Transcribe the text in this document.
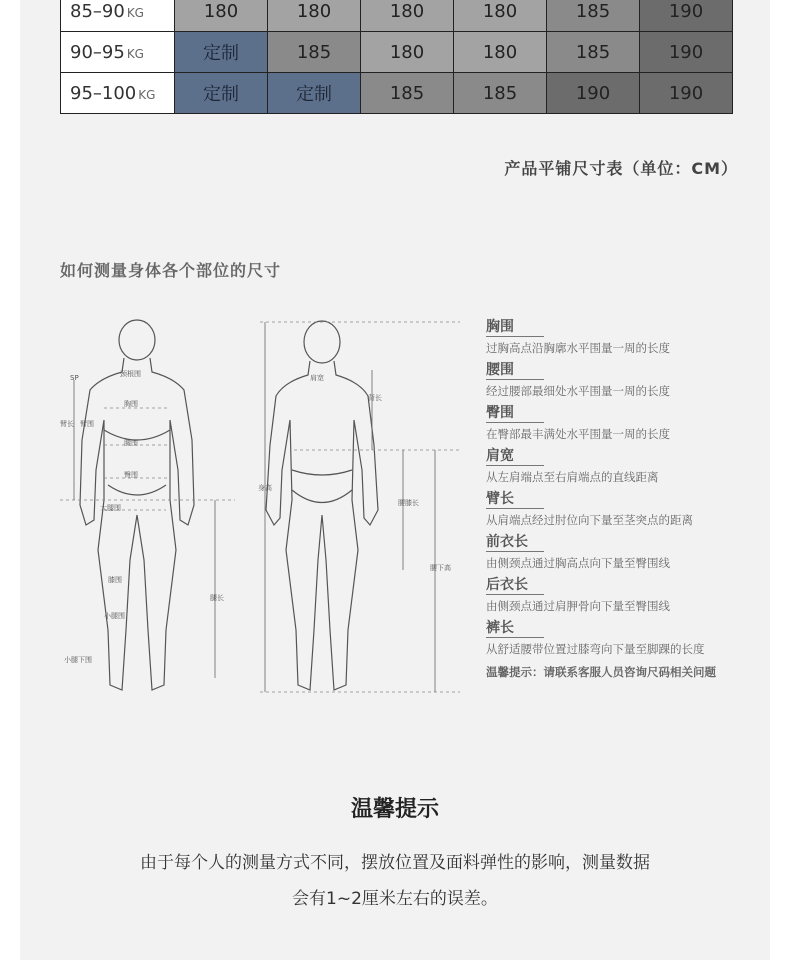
85–90 KG	180	180	180	180	185	190
90–95 KG	定制	185	180	180	185	190
95–100 KG	定制	定制	185	185	190	190
产品平铺尺寸表（单位：CM）
如何测量身体各个部位的尺寸
SP	颈根围
胸围
臂围
臂长
腰围
臀围
大腿围
膝围
小腿围
小腿下围
腿长
肩宽
身高
背长
腰膝长
腰下高
胸围
过胸高点沿胸廓水平围量一周的长度
腰围
经过腰部最细处水平围量一周的长度
臀围
在臀部最丰满处水平围量一周的长度
肩宽
从左肩端点至右肩端点的直线距离
臂长
从肩端点经过肘位向下量至茎突点的距离
前衣长
由侧颈点通过胸高点向下量至臀围线
后衣长
由侧颈点通过肩胛骨向下量至臀围线
裤长
从舒适腰带位置过膝弯向下量至脚踝的长度
温馨提示：请联系客服人员咨询尺码相关问题
温馨提示
由于每个人的测量方式不同，摆放位置及面料弹性的影响，测量数据
会有1~2厘米左右的误差。
